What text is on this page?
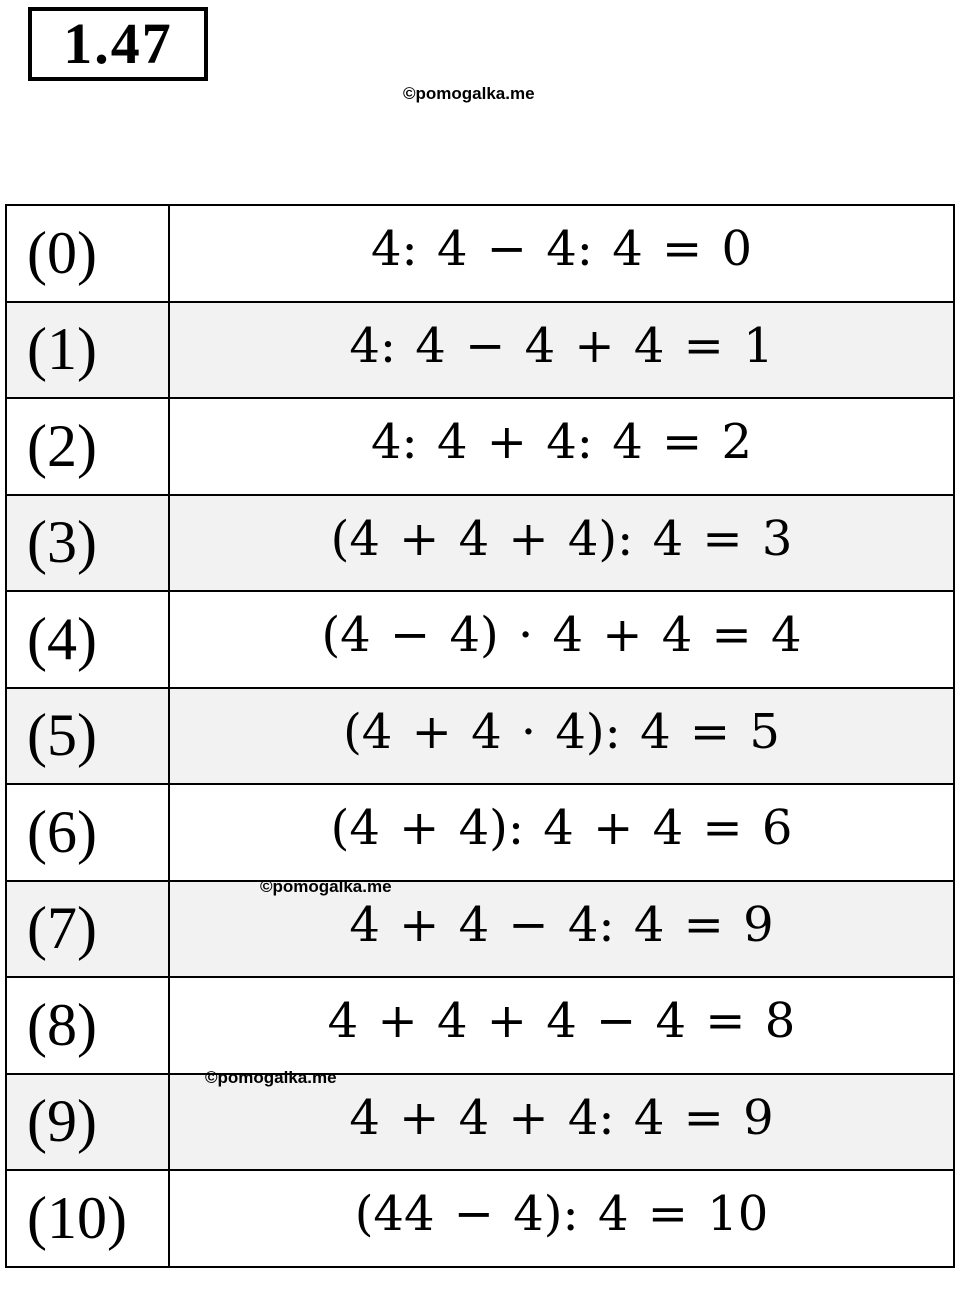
1.47
©pomogalka.me
(0)	4: 4 − 4: 4 = 0
(1)	4: 4 − 4 + 4 = 1
(2)	4: 4 + 4: 4 = 2
(3)	(4 + 4 + 4): 4 = 3
(4)	(4 − 4) · 4 + 4 = 4
(5)	(4 + 4 · 4): 4 = 5
(6)	(4 + 4): 4 + 4 = 6
(7)	4 + 4 − 4: 4 = 9
(8)	4 + 4 + 4 − 4 = 8
(9)	4 + 4 + 4: 4 = 9
(10)	(44 − 4): 4 = 10
©pomogalka.me
©pomogalka.me
